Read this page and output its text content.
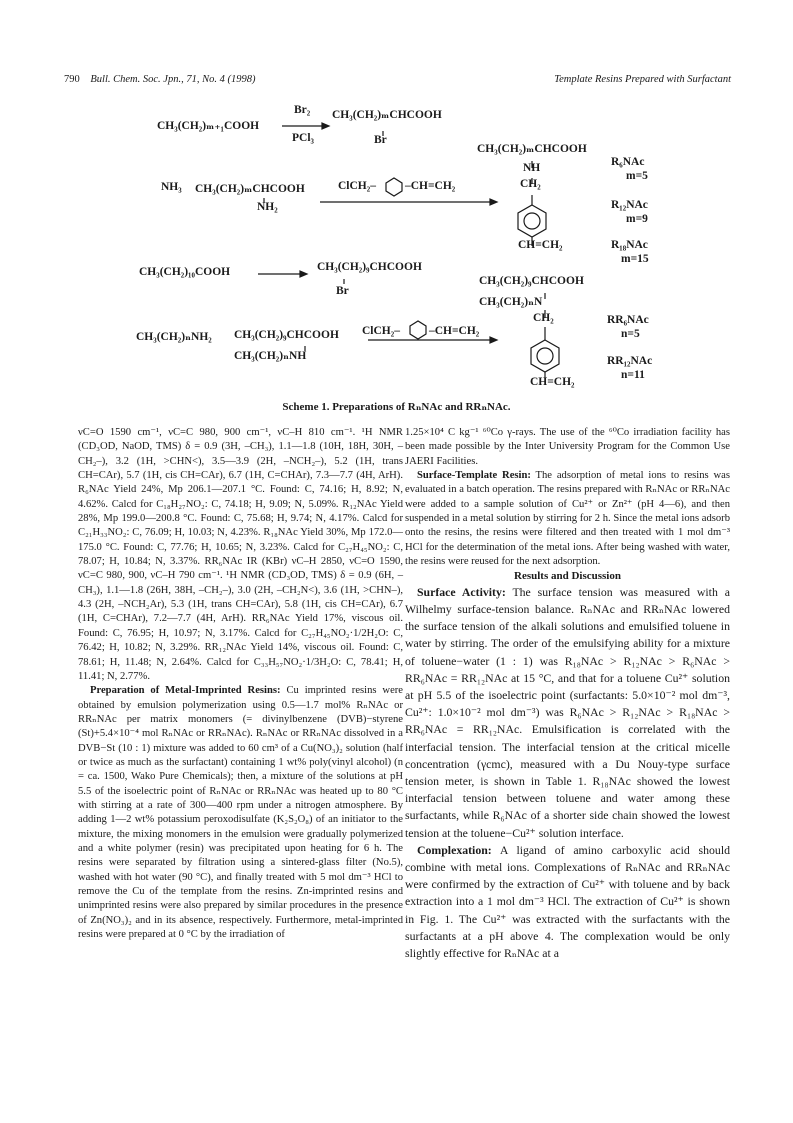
790 Bull. Chem. Soc. Jpn., 71, No. 4 (1998)	Template Resins Prepared with Surfactant
CH₃(CH₂)ₘ₊₁COOH
Br₂
PCl₃
CH₃(CH₂)ₘCHCOOH
Br
NH₃ CH₃(CH₂)ₘCHCOOH
NH₂
ClCH₂–	–CH=CH₂
CH₃(CH₂)ₘCHCOOH
NH
CH₂
CH=CH₂
R₆NAc
m=5
R₁₂NAc
m=9
R₁₈NAc
m=15
CH₃(CH₂)₁₀COOH	CH₃(CH₂)₉CHCOOH
Br
CH₃(CH₂)₉CHCOOH
CH₃(CH₂)ₙN
CH₂
CH=CH₂
RR₆NAc
n=5
RR₁₂NAc
n=11
CH₃(CH₂)ₙNH₂ CH₃(CH₂)₉CHCOOH
CH₃(CH₂)ₙNH
ClCH₂–	–CH=CH₂
Scheme 1. Preparations of RₙNAc and RRₙNAc.

νC=O 1590 cm⁻¹, νC=C 980, 900 cm⁻¹, νC–H 810 cm⁻¹. ¹H NMR (CD₃OD, NaOD, TMS) δ = 0.9 (3H, –CH₃), 1.1—1.8 (10H, 18H, 30H, –CH₂–), 3.2 (1H, >CHN<), 3.5—3.9 (2H, –NCH₂–), 5.2 (1H, trans CH=CAr), 5.7 (1H, cis CH=CAr), 6.7 (1H, C=CHAr), 7.3—7.7 (4H, ArH). R₆NAc Yield 24%, Mp 206.1—207.1 °C. Found: C, 74.16; H, 8.92; N, 4.62%. Calcd for C₁₈H₂₇NO₂: C, 74.18; H, 9.09; N, 5.09%. R₁₂NAc Yield 28%, Mp 199.0—200.8 °C. Found: C, 75.68; H, 9.74; N, 4.17%. Calcd for C₂₁H₃₃NO₂: C, 76.09; H, 10.03; N, 4.23%. R₁₈NAc Yield 30%, Mp 172.0—175.0 °C. Found: C, 77.76; H, 10.65; N, 3.23%. Calcd for C₂₇H₄₅NO₂: C, 78.07; H, 10.84; N, 3.37%. RR₆NAc IR (KBr) νC–H 2850, νC=O 1590, νC=C 980, 900, νC–H 790 cm⁻¹. ¹H NMR (CD₃OD, TMS) δ = 0.9 (6H, –CH₃), 1.1—1.8 (26H, 38H, –CH₂–), 3.0 (2H, –CH₂N<), 3.6 (1H, >CHN–), 4.3 (2H, –NCH₂Ar), 5.3 (1H, trans CH=CAr), 5.8 (1H, cis CH=CAr), 6.7 (1H, C=CHAr), 7.2—7.7 (4H, ArH). RR₆NAc Yield 17%, viscous oil. Found: C, 76.95; H, 10.97; N, 3.17%. Calcd for C₂₇H₄₅NO₂·1/2H₂O: C, 76.42; H, 10.82; N, 3.29%. RR₁₂NAc Yield 14%, viscous oil. Found: C, 78.61; H, 11.48; N, 2.64%. Calcd for C₃₃H₅₇NO₂·1/3H₂O: C, 78.41; H, 11.41; N, 2.77%.

Preparation of Metal-Imprinted Resins: Cu imprinted resins were obtained by emulsion polymerization using 0.5—1.7 mol% RₙNAc or RRₙNAc per matrix monomers (= divinylbenzene (DVB)−styrene (St)+5.4×10⁻⁴ mol RₙNAc or RRₙNAc). RₙNAc or RRₙNAc dissolved in a DVB−St (10 : 1) mixture was added to 60 cm³ of a Cu(NO₃)₂ solution (half or twice as much as the surfactant) containing 1 wt% poly(vinyl alcohol) (n = ca. 1500, Wako Pure Chemicals); then, a mixture of the solutions at pH 5.5 of the isoelectric point of RₙNAc or RRₙNAc was heated up to 80 °C with stirring at a rate of 300—400 rpm under a nitrogen atmosphere. By adding 1—2 wt% potassium peroxodisulfate (K₂S₂O₈) of an initiator to the mixture, the mixing monomers in the emulsion were gradually polymerized and a white polymer (resin) was precipitated upon heating for 6 h. The resins were separated by filtration using a sintered-glass filter (No.5), washed with hot water (90 °C), and finally treated with 5 mol dm⁻³ HCl to remove the Cu of the template from the resins. Zn-imprinted resins and unimprinted resins were also prepared by similar procedures in the presence of Zn(NO₃)₂ and in its absence, respectively. Furthermore, metal-imprinted resins were prepared at 0 °C by the irradiation of

1.25×10⁴ C kg⁻¹ ⁶⁰Co γ-rays. The use of the ⁶⁰Co irradiation facility has been made possible by the Inter University Program for the Common Use JAERI Facilities.

Surface-Template Resin: The adsorption of metal ions to resins was evaluated in a batch operation. The resins prepared with RₙNAc or RRₙNAc were added to a sample solution of Cu²⁺ or Zn²⁺ (pH 4—6), and then suspended in a metal solution by stirring for 2 h. Since the metal ions adsorb onto the resins, the resins were filtered and then treated with 1 mol dm⁻³ HCl for the determination of the metal ions. After being washed with water, the resins were reused for the next adsorption.

Results and Discussion

Surface Activity: The surface tension was measured with a Wilhelmy surface-tension balance. RₙNAc and RRₙNAc lowered the surface tension of the alkali solutions and emulsified toluene in water by stirring. The order of the emulsifying ability for a mixture of toluene−water (1 : 1) was R₁₈NAc > R₁₂NAc > R₆NAc > RR₆NAc = RR₁₂NAc at 15 °C, and that for a toluene Cu²⁺ solution at pH 5.5 of the isoelectric point (surfactants: 5.0×10⁻² mol dm⁻³, Cu²⁺: 1.0×10⁻² mol dm⁻³) was R₆NAc > R₁₂NAc > R₁₈NAc > RR₆NAc = RR₁₂NAc. Emulsification is correlated with the interfacial tension. The interfacial tension at the critical micelle concentration (γcmc), measured with a Du Nouy-type surface tension meter, is shown in Table 1. R₁₈NAc showed the lowest interfacial tension between toluene and water among these surfactants, while R₆NAc of a shorter side chain showed the lowest tension at the toluene−Cu²⁺ solution interface.

Complexation: A ligand of amino carboxylic acid should combine with metal ions. Complexations of RₙNAc and RRₙNAc were confirmed by the extraction of Cu²⁺ with toluene and by back extraction into a 1 mol dm⁻³ HCl. The extraction of Cu²⁺ is shown in Fig. 1. The Cu²⁺ was extracted with the surfactants with the surfactants at a pH above 4. The complexation would be only slightly effective for RₙNAc at a
